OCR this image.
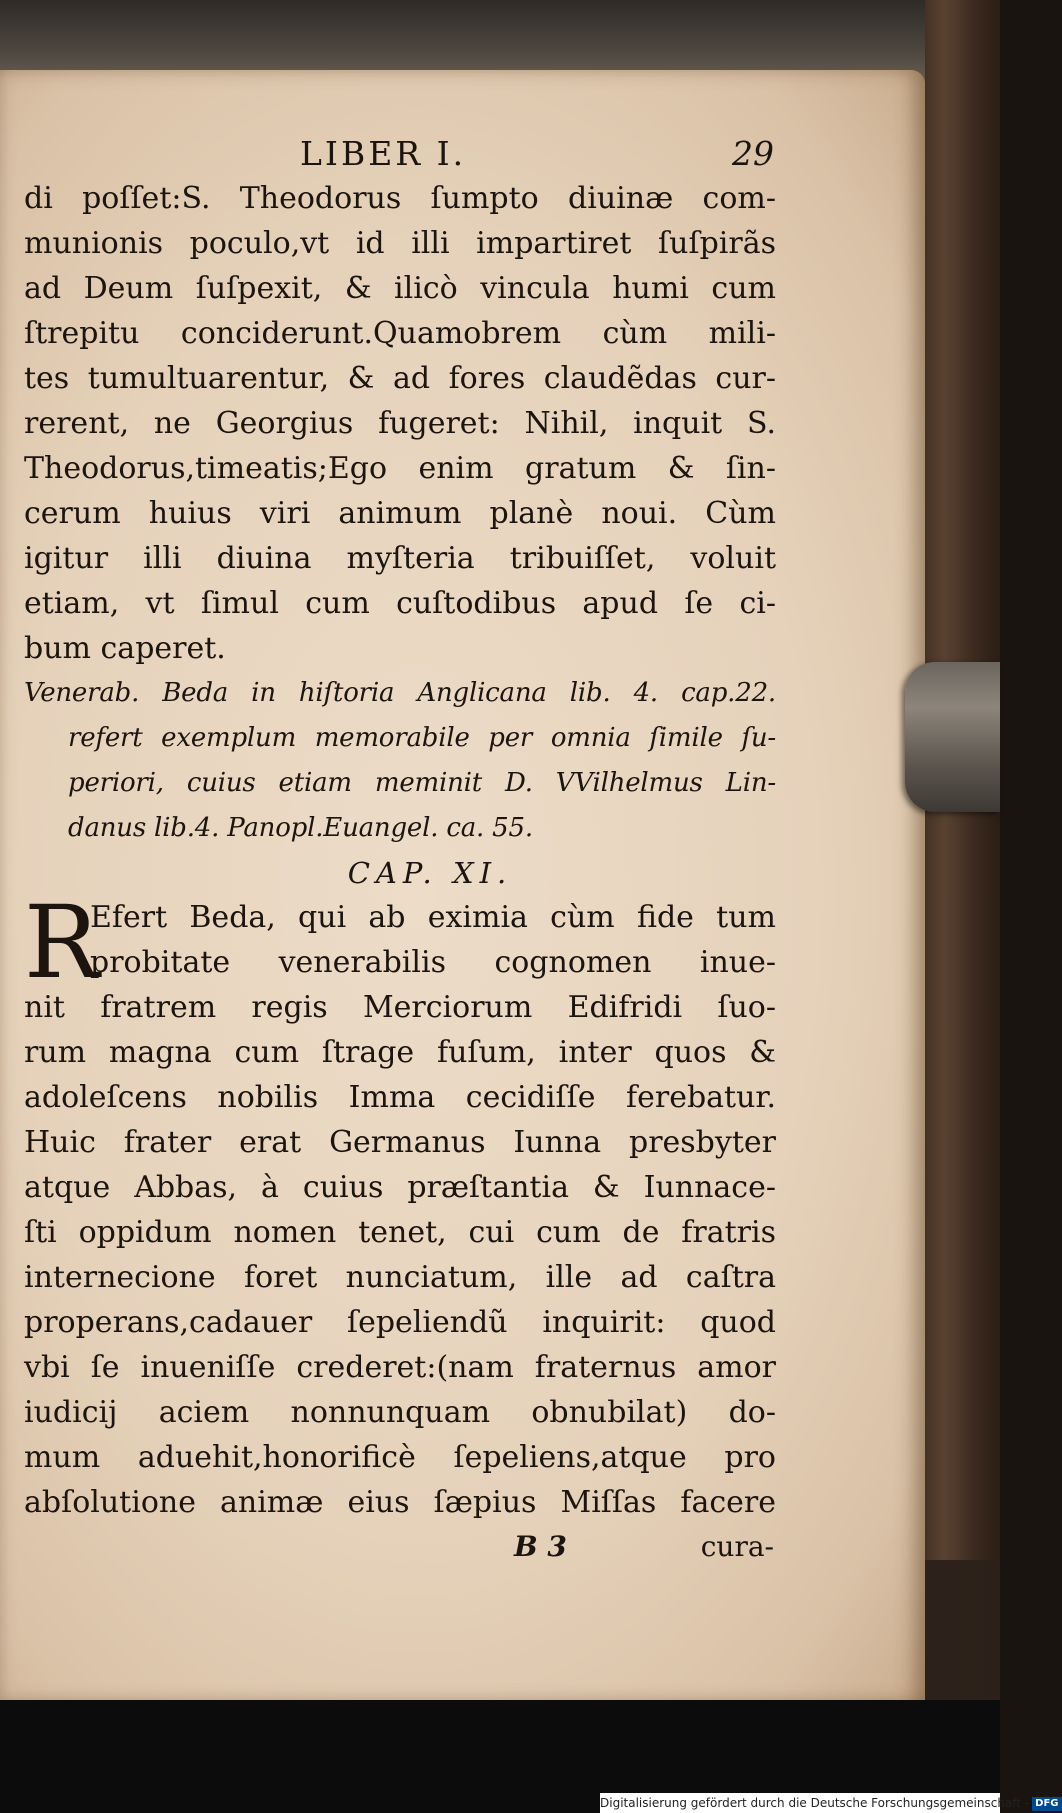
LIBER I.	29
di poſſet:S. Theodorus ſumpto diuinæ com-
munionis poculo,vt id illi impartiret ſuſpirãs
ad Deum ſuſpexit, & ilicò vincula humi cum
ſtrepitu conciderunt.Quamobrem cùm mili-
tes tumultuarentur, & ad fores claudẽdas cur-
rerent, ne Georgius fugeret: Nihil, inquit S.
Theodorus,timeatis;Ego enim gratum & ſin-
cerum huius viri animum planè noui. Cùm
igitur illi diuina myſteria tribuiſſet, voluit
etiam, vt ſimul cum cuſtodibus apud ſe ci-
bum caperet.
Venerab. Beda in hiſtoria Anglicana lib. 4. cap.22.
refert exemplum memorabile per omnia ſimile ſu-
periori, cuius etiam meminit D. VVilhelmus Lin-
danus lib.4. Panopl.Euangel. ca. 55.
CAP. XI.
R
Efert Beda, qui ab eximia cùm fide tum
probitate venerabilis cognomen inue-
nit fratrem regis Merciorum Edifridi ſuo-
rum magna cum ſtrage fuſum, inter quos &
adoleſcens nobilis Imma cecidiſſe ferebatur.
Huic frater erat Germanus Iunna presbyter
atque Abbas, à cuius præſtantia & Iunnace-
ſti oppidum nomen tenet, cui cum de fratris
internecione foret nunciatum, ille ad caſtra
properans,cadauer ſepeliendũ inquirit: quod
vbi ſe inueniſſe crederet:(nam fraternus amor
iudicij aciem nonnunquam obnubilat) do-
mum aduehit,honorificè ſepeliens,atque pro
abſolutione animæ eius ſæpius Miſſas facere
B 3	cura-
Digitalisierung gefördert durch die Deutsche Forschungsgemeinschaft - DFG
